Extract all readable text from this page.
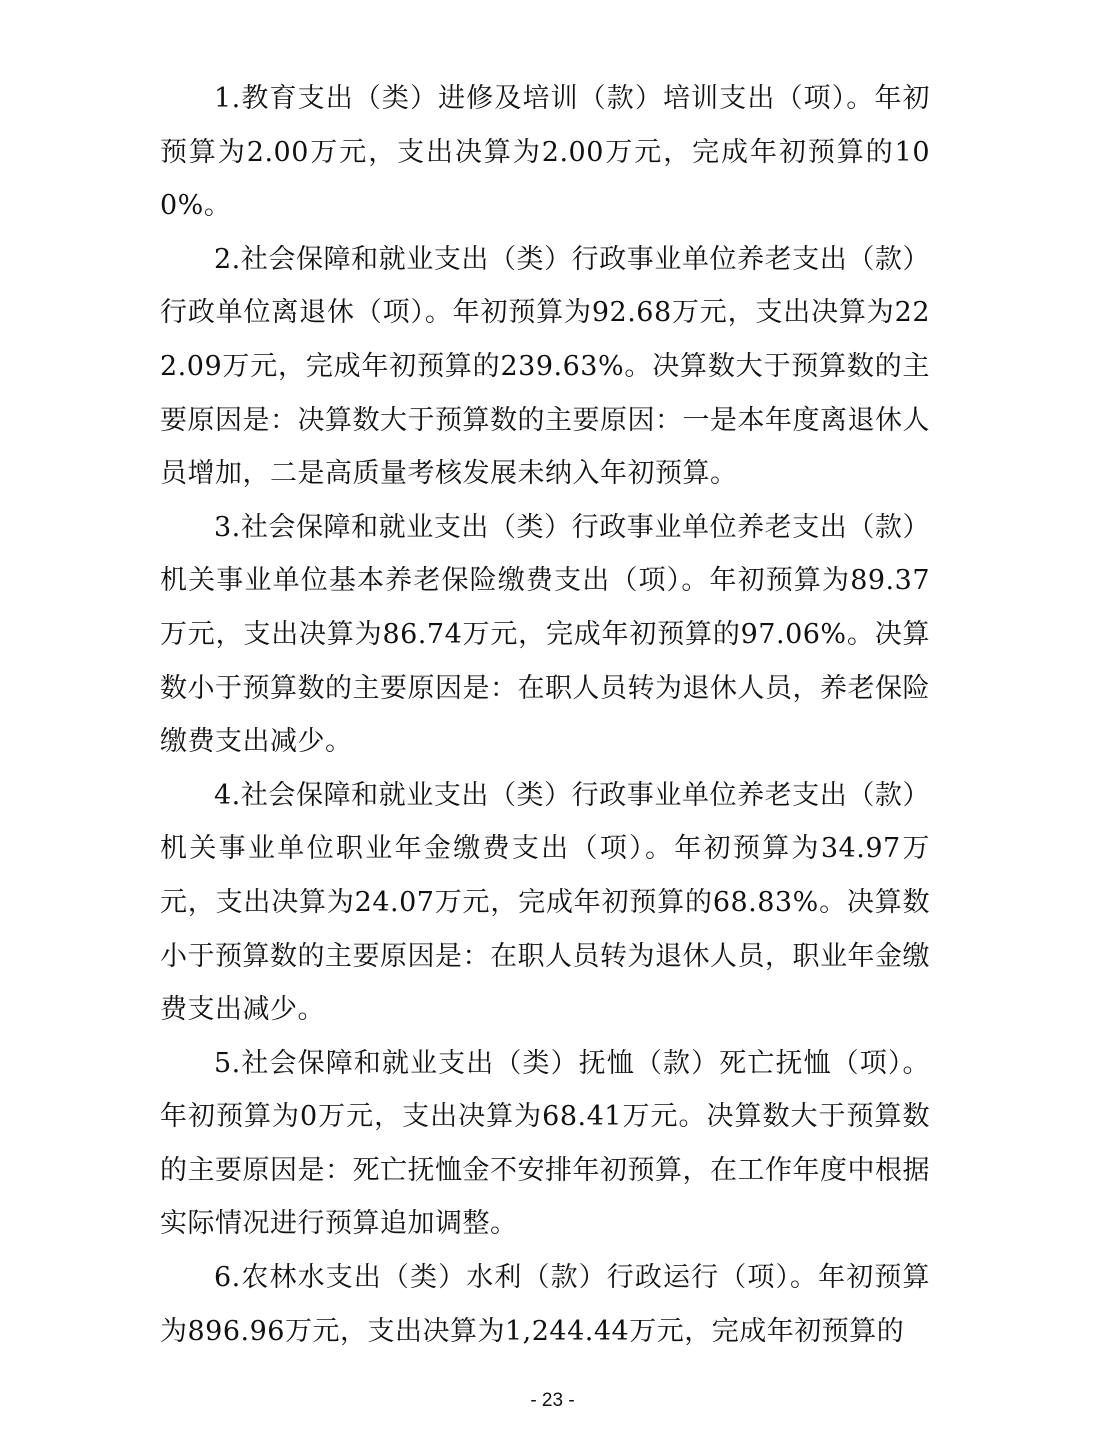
1.教育支出（类）进修及培训（款）培训支出（项）。年初预算为2.00万元，支出决算为2.00万元，完成年初预算的100%。

2.社会保障和就业支出（类）行政事业单位养老支出（款）行政单位离退休（项）。年初预算为92.68万元，支出决算为222.09万元，完成年初预算的239.63%。决算数大于预算数的主要原因是：决算数大于预算数的主要原因：一是本年度离退休人员增加，二是高质量考核发展未纳入年初预算。

3.社会保障和就业支出（类）行政事业单位养老支出（款）机关事业单位基本养老保险缴费支出（项）。年初预算为89.37万元，支出决算为86.74万元，完成年初预算的97.06%。决算数小于预算数的主要原因是：在职人员转为退休人员，养老保险缴费支出减少。

4.社会保障和就业支出（类）行政事业单位养老支出（款）机关事业单位职业年金缴费支出（项）。年初预算为34.97万元，支出决算为24.07万元，完成年初预算的68.83%。决算数小于预算数的主要原因是：在职人员转为退休人员，职业年金缴费支出减少。

5.社会保障和就业支出（类）抚恤（款）死亡抚恤（项）。年初预算为0万元，支出决算为68.41万元。决算数大于预算数的主要原因是：死亡抚恤金不安排年初预算，在工作年度中根据实际情况进行预算追加调整。

6.农林水支出（类）水利（款）行政运行（项）。年初预算为896.96万元，支出决算为1,244.44万元，完成年初预算的

- 23 -
